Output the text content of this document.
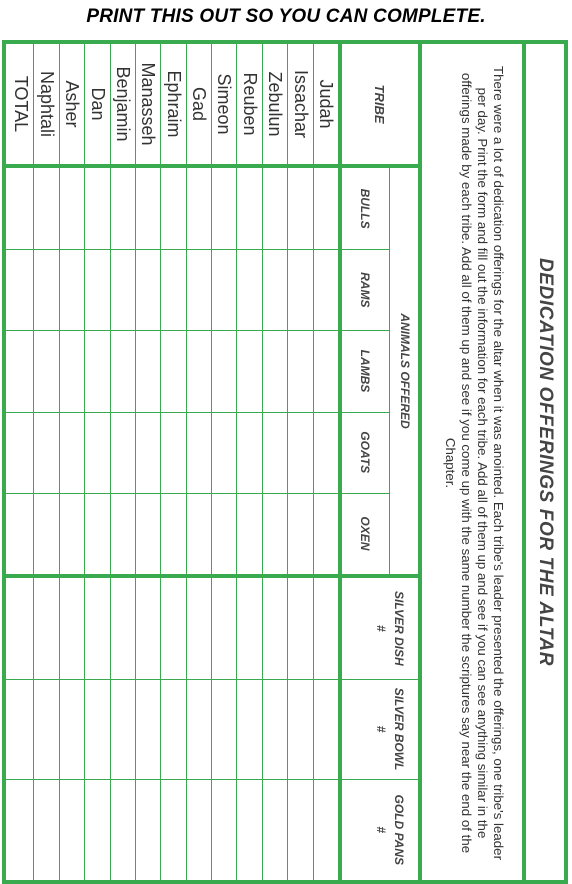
PRINT THIS OUT SO YOU CAN COMPLETE.
DEDICATION OFFERINGS FOR THE ALTAR
There were a lot of dedication offerings for the altar when it was anointed. Each tribe's leader presented the offerings, one tribe's leader per day. Print the form and fill out the information for each tribe. Add all of them up and see if you can see anything similar in the offerings made by each tribe. Add all of them up and see if you come up with the same number the scriptures say near the end of the Chapter.
TRIBE
ANIMALS OFFERED
BULLS
RAMS
LAMBS
GOATS
OXEN
Judah
Issachar
Zebulun
Reuben
Simeon
Gad
Ephraim
Manasseh
Benjamin
Dan
Asher
Naphtali
TOTAL
SILVER DISH
#
SILVER BOWL
#
GOLD PANS
#
